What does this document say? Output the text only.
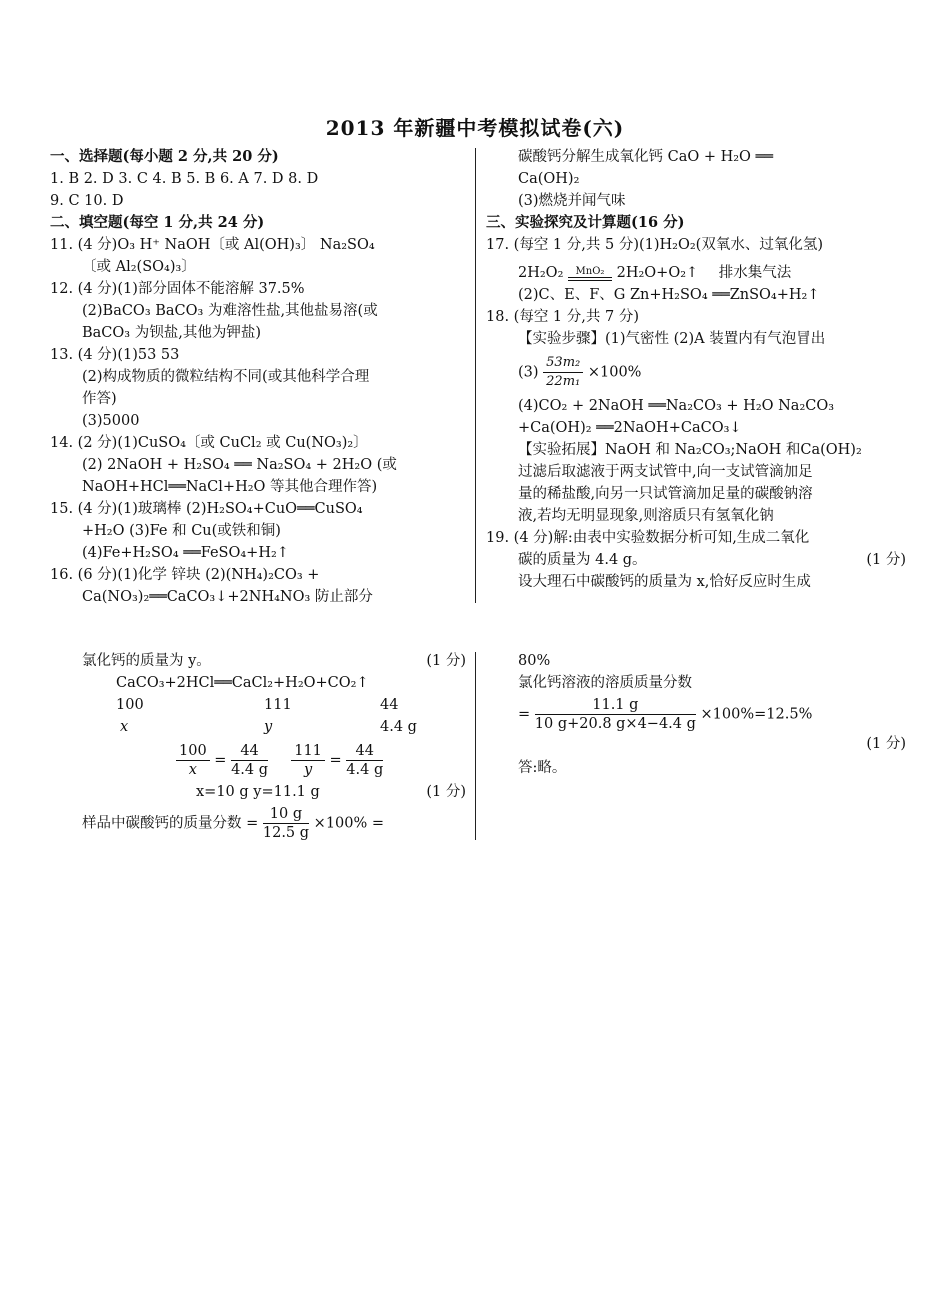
2013 年新疆中考模拟试卷(六)
一、选择题(每小题 2 分,共 20 分)
1. B 2. D 3. C 4. B 5. B 6. A 7. D 8. D
9. C 10. D
二、填空题(每空 1 分,共 24 分)
11. (4 分)O₃ H⁺ NaOH〔或 Al(OH)₃〕 Na₂SO₄
〔或 Al₂(SO₄)₃〕
12. (4 分)(1)部分固体不能溶解 37.5%
(2)BaCO₃ BaCO₃ 为难溶性盐,其他盐易溶(或
BaCO₃ 为钡盐,其他为钾盐)
13. (4 分)(1)53 53
(2)构成物质的微粒结构不同(或其他科学合理
作答)
(3)5000
14. (2 分)(1)CuSO₄〔或 CuCl₂ 或 Cu(NO₃)₂〕
(2) 2NaOH + H₂SO₄ ══ Na₂SO₄ + 2H₂O (或
NaOH+HCl══NaCl+H₂O 等其他合理作答)
15. (4 分)(1)玻璃棒 (2)H₂SO₄+CuO══CuSO₄
+H₂O (3)Fe 和 Cu(或铁和铜)
(4)Fe+H₂SO₄ ══FeSO₄+H₂↑
16. (6 分)(1)化学 锌块 (2)(NH₄)₂CO₃ +
Ca(NO₃)₂══CaCO₃↓+2NH₄NO₃ 防止部分
碳酸钙分解生成氧化钙 CaO + H₂O ══
Ca(OH)₂
(3)燃烧并闻气味
三、实验探究及计算题(16 分)
17. (每空 1 分,共 5 分)(1)H₂O₂(双氧水、过氧化氢)
2H₂O₂	MnO₂ 2H₂O+O₂↑ 排水集气法
(2)C、E、F、G Zn+H₂SO₄ ══ZnSO₄+H₂↑
18. (每空 1 分,共 7 分)
【实验步骤】(1)气密性 (2)A 装置内有气泡冒出
$(3) \frac{\text{53m₂}}{\text{22m₁}} \times 100\%$
(4)CO₂ + 2NaOH ══Na₂CO₃ + H₂O Na₂CO₃
+Ca(OH)₂ ══2NaOH+CaCO₃↓
【实验拓展】NaOH 和 Na₂CO₃;NaOH 和Ca(OH)₂
过滤后取滤液于两支试管中,向一支试管滴加足
量的稀盐酸,向另一只试管滴加足量的碳酸钠溶
液,若均无明显现象,则溶质只有氢氧化钠
19. (4 分)解:由表中实验数据分析可知,生成二氧化
碳的质量为 4.4 g。	(1 分)
设大理石中碳酸钙的质量为 x,恰好反应时生成
氯化钙的质量为 y。	(1 分)
CaCO₃+2HCl══CaCl₂+H₂O+CO₂↑
100	111	44
x	y	4.4 g
$\frac{100}{x} = \frac{44}{4.4 g}$
$\frac{111}{y} = \frac{44}{4.4 g}$
x=10 g y=11.1 g	(1 分)
样品中碳酸钙的质量分数 = $\frac{10 g}{12.5 g} \times 100\%$ =
80%
氯化钙溶液的溶质质量分数
= $\frac{11.1 g}{10 g+20.8 g\times 4-4.4 g} \times 100\%=12.5\%$
(1 分)
答:略。
